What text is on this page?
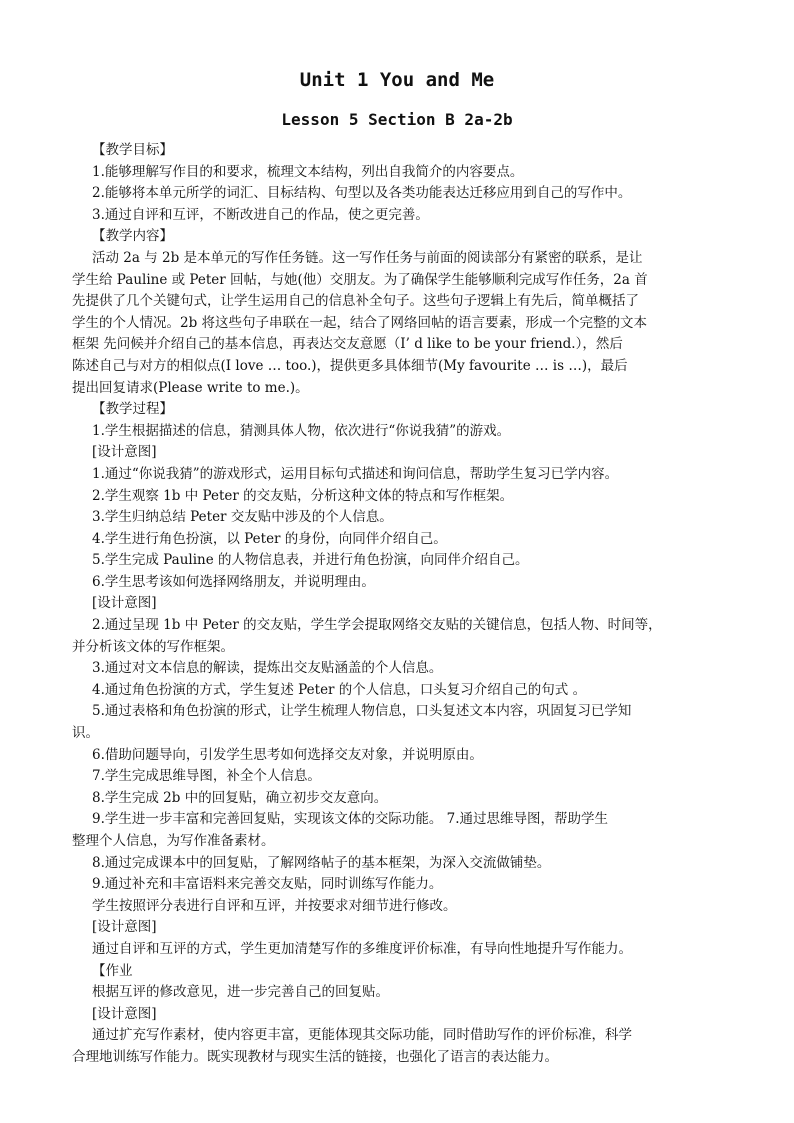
Unit 1 You and Me
Lesson 5 Section B 2a-2b

【教学目标】

1.能够理解写作目的和要求，梳理文本结构，列出自我简介的内容要点。

2.能够将本单元所学的词汇、目标结构、句型以及各类功能表达迁移应用到自己的写作中。

3.通过自评和互评，不断改进自己的作品，使之更完善。

【教学内容】

活动 2a 与 2b 是本单元的写作任务链。这一写作任务与前面的阅读部分有紧密的联系，是让

学生给 Pauline 或 Peter 回帖，与她(他）交朋友。为了确保学生能够顺利完成写作任务，2a 首

先提供了几个关键句式，让学生运用自己的信息补全句子。这些句子逻辑上有先后，简单概括了

学生的个人情况。2b 将这些句子串联在一起，结合了网络回帖的语言要素，形成一个完整的文本

框架 先问候并介绍自己的基本信息，再表达交友意愿（I’ d like to be your friend.），然后

陈述自己与对方的相似点(I love … too.)，提供更多具体细节(My favourite … is …)，最后

提出回复请求(Please write to me.)。

【教学过程】

1.学生根据描述的信息，猜测具体人物，依次进行“你说我猜”的游戏。

[设计意图]

1.通过“你说我猜”的游戏形式，运用目标句式描述和询问信息，帮助学生复习已学内容。

2.学生观察 1b 中 Peter 的交友贴，分析这种文体的特点和写作框架。

3.学生归纳总结 Peter 交友贴中涉及的个人信息。

4.学生进行角色扮演，以 Peter 的身份，向同伴介绍自己。

5.学生完成 Pauline 的人物信息表，并进行角色扮演，向同伴介绍自己。

6.学生思考该如何选择网络朋友，并说明理由。

[设计意图]

2.通过呈现 1b 中 Peter 的交友贴，学生学会提取网络交友贴的关键信息，包括人物、时间等，

并分析该文体的写作框架。

3.通过对文本信息的解读，提炼出交友贴涵盖的个人信息。

4.通过角色扮演的方式，学生复述 Peter 的个人信息，口头复习介绍自己的句式 。

5.通过表格和角色扮演的形式，让学生梳理人物信息，口头复述文本内容，巩固复习已学知

识。

6.借助问题导向，引发学生思考如何选择交友对象，并说明原由。

7.学生完成思维导图，补全个人信息。

8.学生完成 2b 中的回复贴，确立初步交友意向。

9.学生进一步丰富和完善回复贴，实现该文体的交际功能。 7.通过思维导图，帮助学生

整理个人信息，为写作准备素材。

8.通过完成课本中的回复贴，了解网络帖子的基本框架，为深入交流做铺垫。

9.通过补充和丰富语料来完善交友贴，同时训练写作能力。

学生按照评分表进行自评和互评，并按要求对细节进行修改。

[设计意图]

通过自评和互评的方式，学生更加清楚写作的多维度评价标准，有导向性地提升写作能力。

【作业

根据互评的修改意见，进一步完善自己的回复贴。

[设计意图]

通过扩充写作素材，使内容更丰富，更能体现其交际功能，同时借助写作的评价标准，科学

合理地训练写作能力。既实现教材与现实生活的链接，也强化了语言的表达能力。
